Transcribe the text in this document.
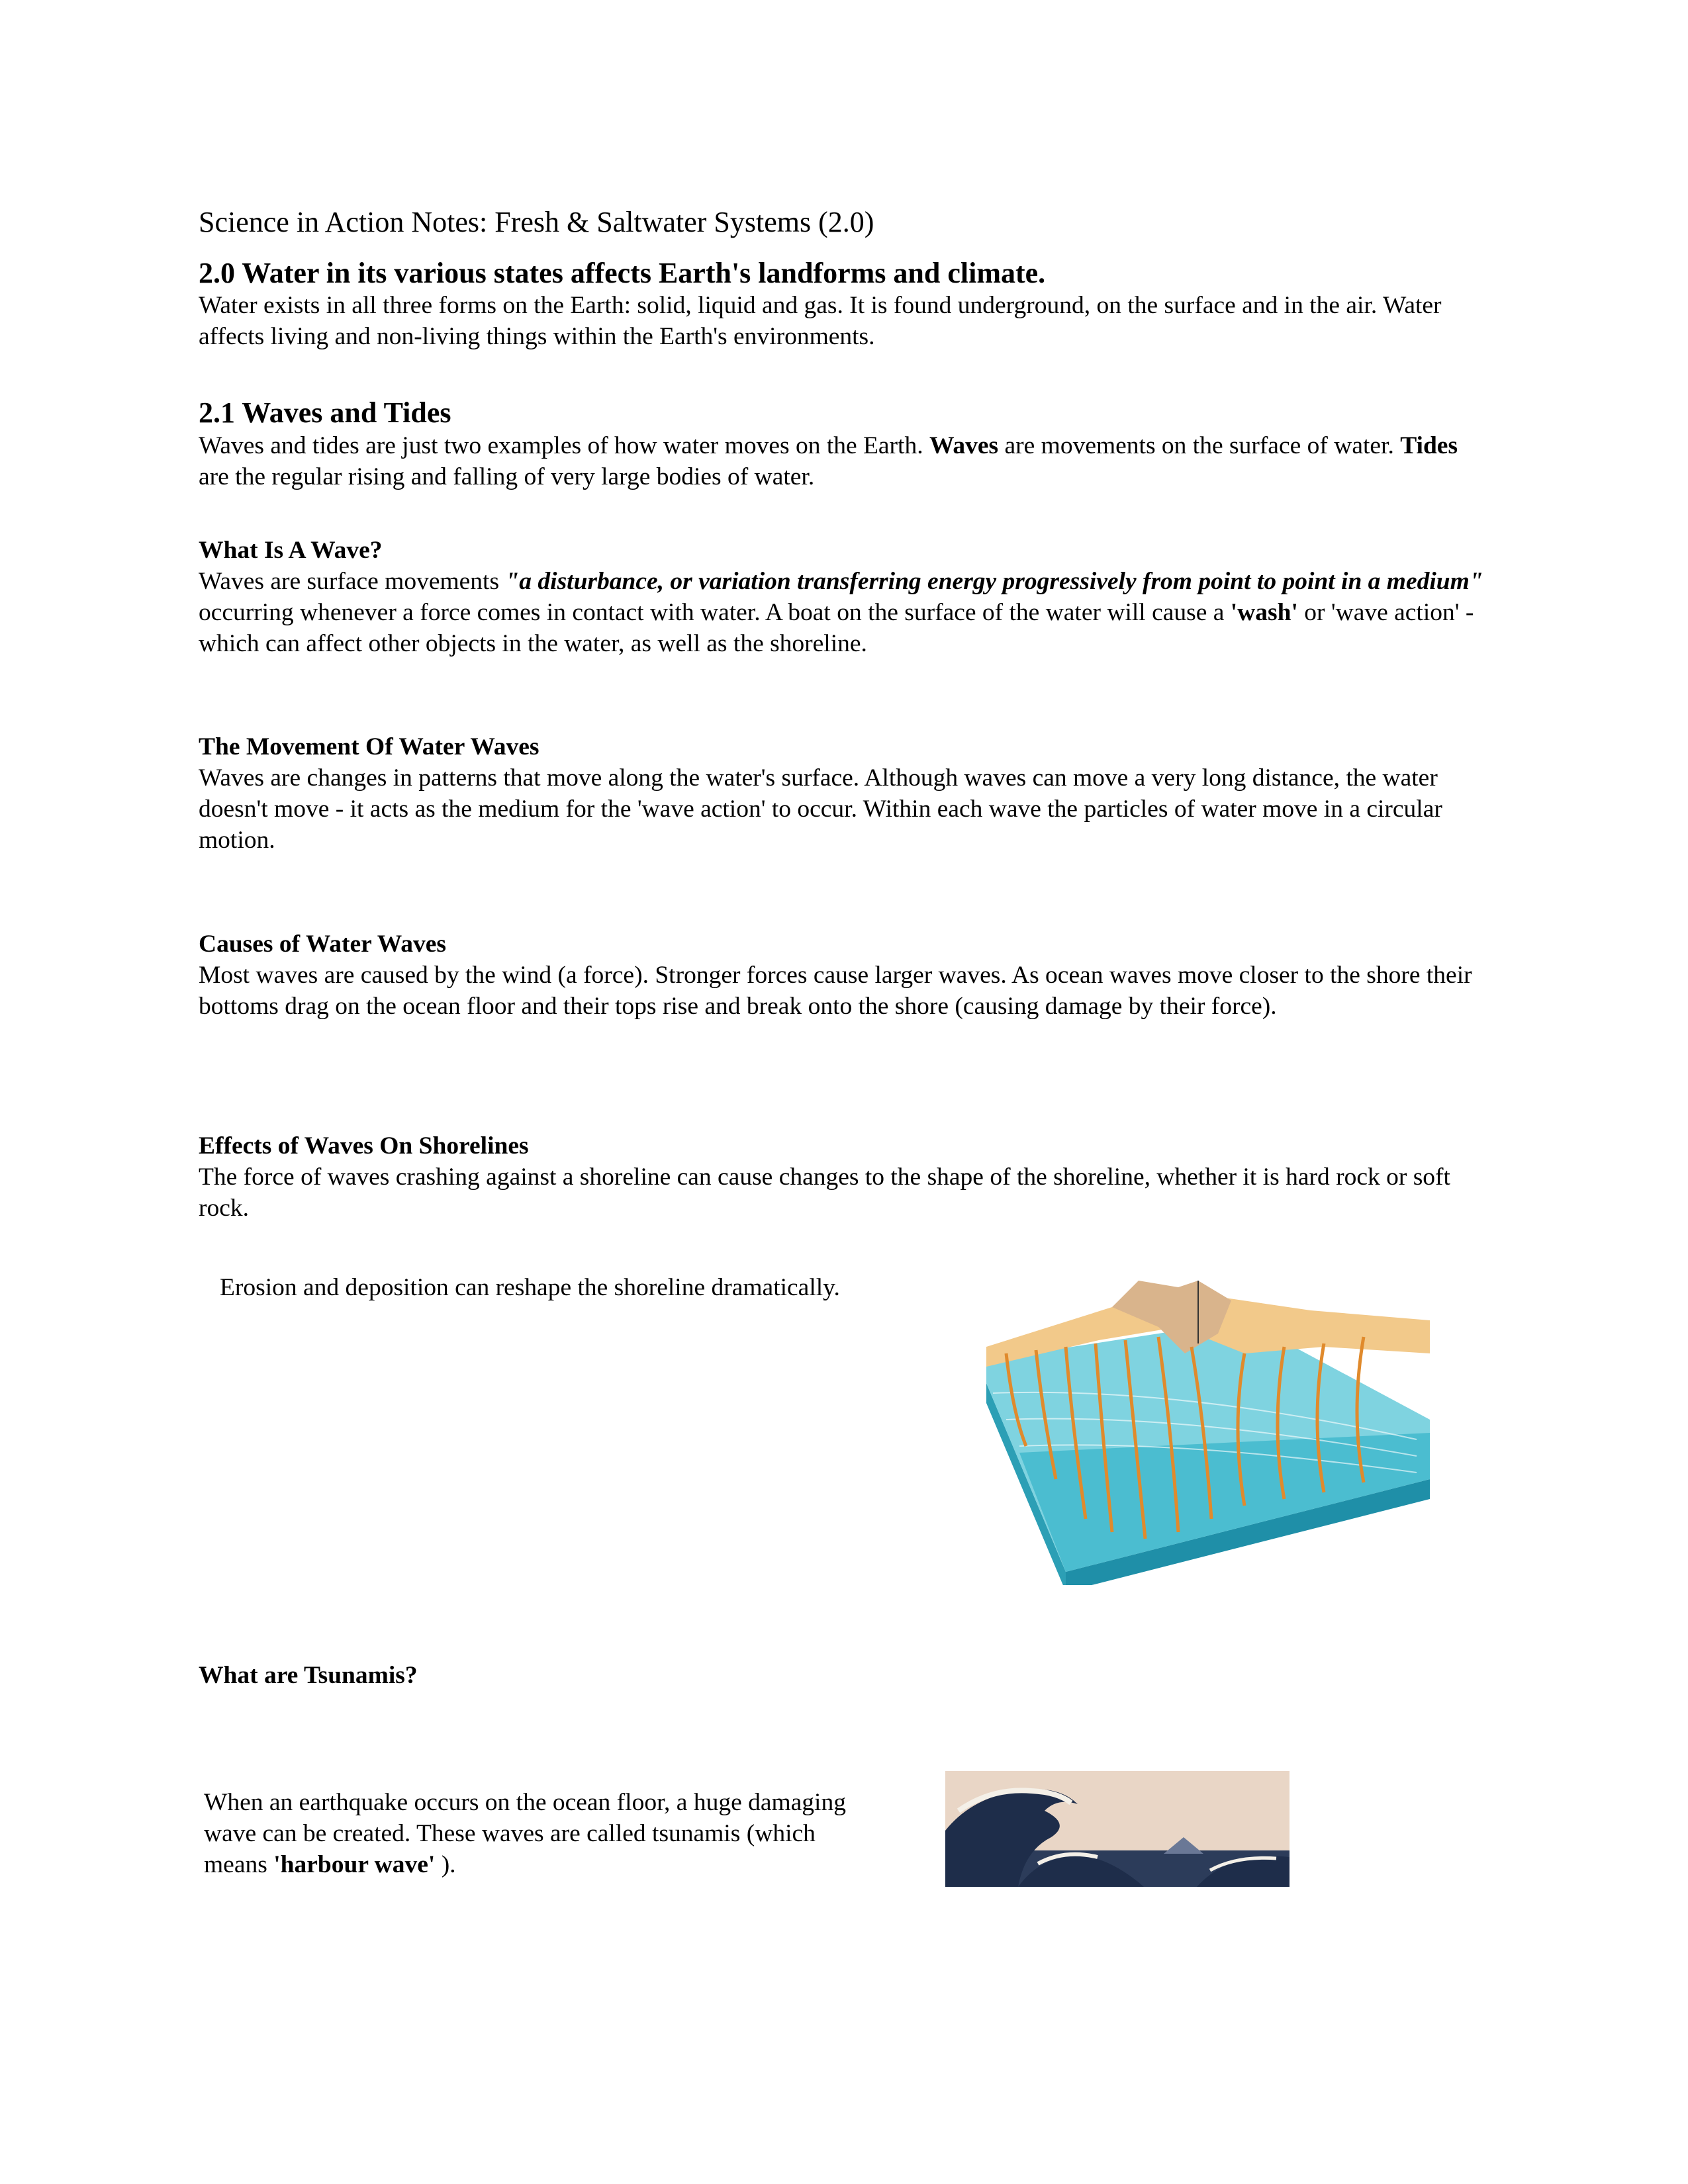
Science in Action Notes: Fresh & Saltwater Systems (2.0)
2.0 Water in its various states affects Earth's landforms and climate.
Water exists in all three forms on the Earth: solid, liquid and gas. It is found underground, on the surface and in the air. Water affects living and non-living things within the Earth's environments.
2.1 Waves and Tides
Waves and tides are just two examples of how water moves on the Earth. Waves are movements on the surface of water. Tides are the regular rising and falling of very large bodies of water.
What Is A Wave?
Waves are surface movements "a disturbance, or variation transferring energy progressively from point to point in a medium" occurring whenever a force comes in contact with water. A boat on the surface of the water will cause a 'wash' or 'wave action' - which can affect other objects in the water, as well as the shoreline.
The Movement Of Water Waves
Waves are changes in patterns that move along the water's surface. Although waves can move a very long distance, the water doesn't move - it acts as the medium for the 'wave action' to occur. Within each wave the particles of water move in a circular motion.
Causes of Water Waves
Most waves are caused by the wind (a force). Stronger forces cause larger waves. As ocean waves move closer to the shore their bottoms drag on the ocean floor and their tops rise and break onto the shore (causing damage by their force).
Effects of Waves On Shorelines
The force of waves crashing against a shoreline can cause changes to the shape of the shoreline, whether it is hard rock or soft rock.
Erosion and deposition can reshape the shoreline dramatically.
What are Tsunamis?
When an earthquake occurs on the ocean floor, a huge damaging wave can be created. These waves are called tsunamis (which means 'harbour wave' ).
